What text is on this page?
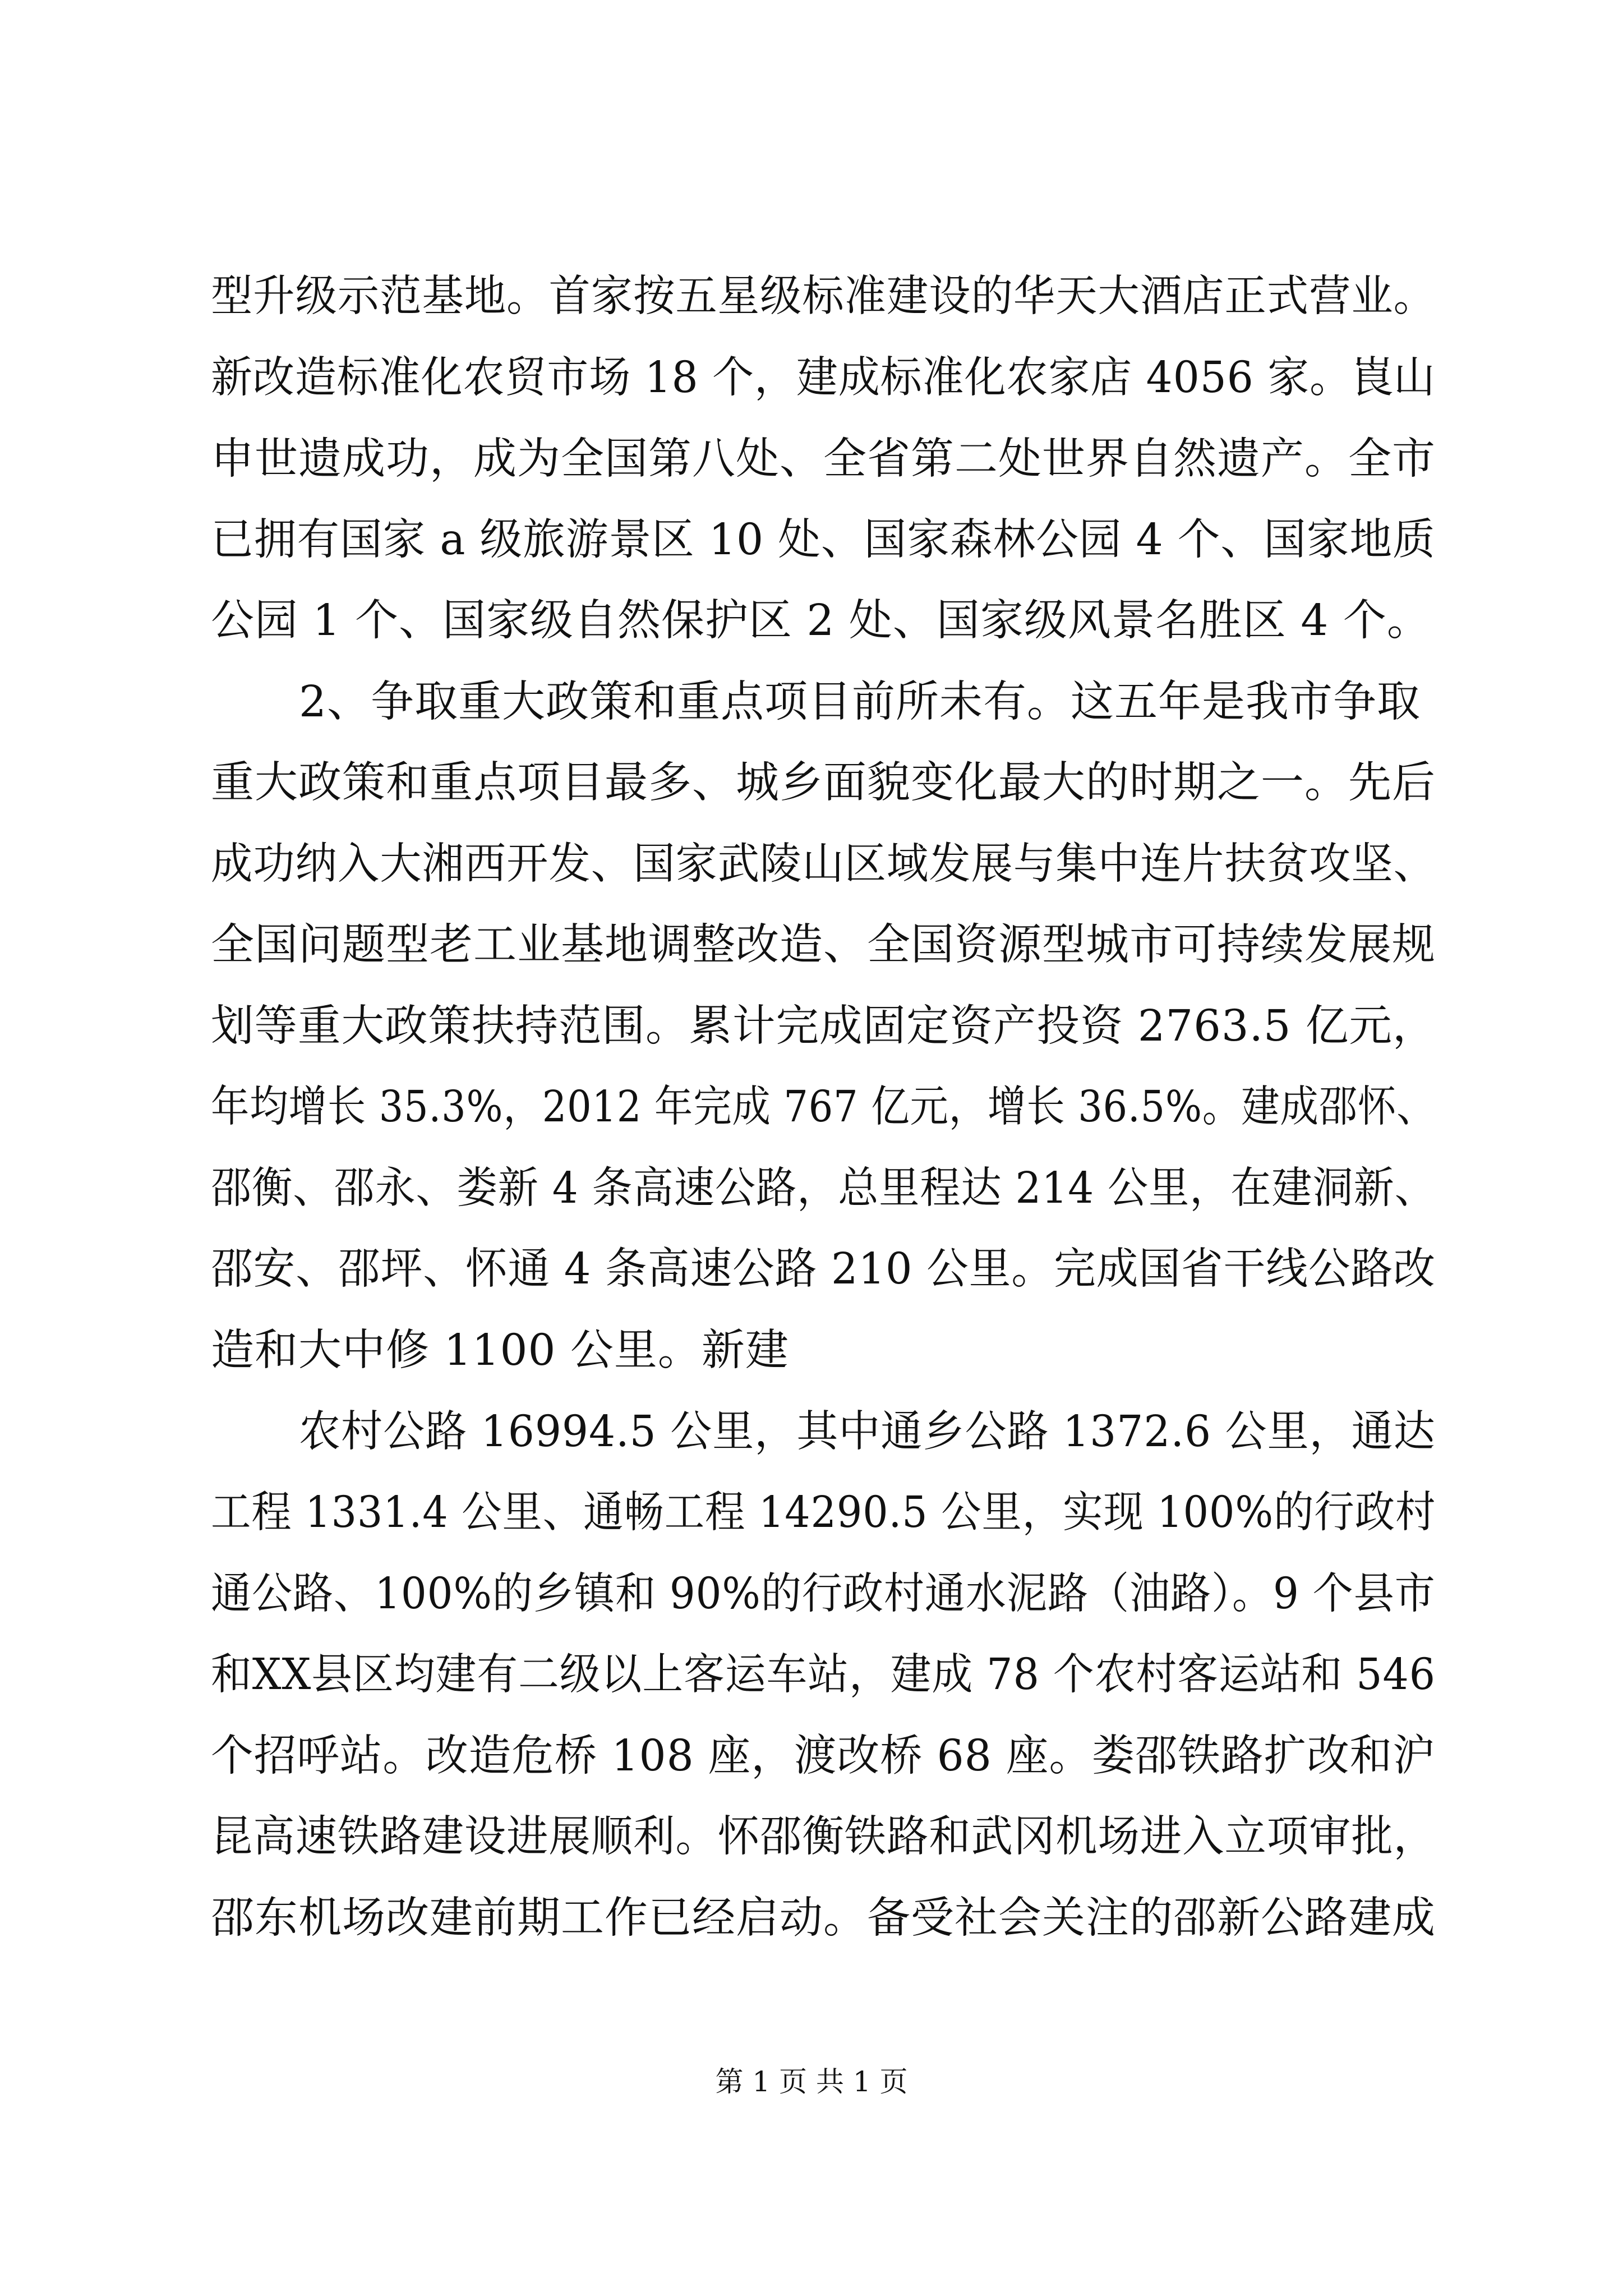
型升级示范基地。首家按五星级标准建设的华天大酒店正式营业。
新改造标准化农贸市场 18 个，建成标准化农家店 4056 家。崀山
申世遗成功，成为全国第八处、全省第二处世界自然遗产。全市
已拥有国家 a 级旅游景区 10 处、国家森林公园 4 个、国家地质
公园 1 个、国家级自然保护区 2 处、国家级风景名胜区 4 个。
2、争取重大政策和重点项目前所未有。这五年是我市争取
重大政策和重点项目最多、城乡面貌变化最大的时期之一。先后
成功纳入大湘西开发、国家武陵山区域发展与集中连片扶贫攻坚、
全国问题型老工业基地调整改造、全国资源型城市可持续发展规
划等重大政策扶持范围。累计完成固定资产投资 2763.5 亿元，
年均增长 35.3%，2012 年完成 767 亿元，增长 36.5%。建成邵怀、
邵衡、邵永、娄新 4 条高速公路，总里程达 214 公里，在建洞新、
邵安、邵坪、怀通 4 条高速公路 210 公里。完成国省干线公路改
造和大中修 1100 公里。新建
农村公路 16994.5 公里，其中通乡公路 1372.6 公里，通达
工程 1331.4 公里、通畅工程 14290.5 公里，实现 100%的行政村
通公路、100%的乡镇和 90%的行政村通水泥路（油路）。9 个县市
和XX县区均建有二级以上客运车站，建成 78 个农村客运站和 546
个招呼站。改造危桥 108 座，渡改桥 68 座。娄邵铁路扩改和沪
昆高速铁路建设进展顺利。怀邵衡铁路和武冈机场进入立项审批，
邵东机场改建前期工作已经启动。备受社会关注的邵新公路建成
第 1 页 共 1 页
